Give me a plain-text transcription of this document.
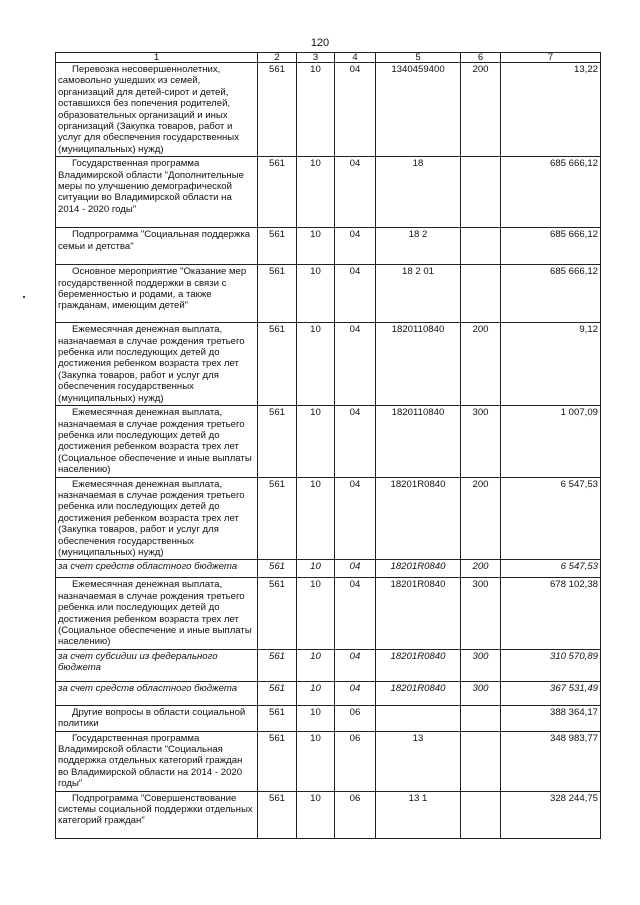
120
1	2	3	4	5	6	7
Перевозка несовершеннолетних, самовольно ушедших из семей, организаций для детей-сирот и детей, оставшихся без попечения родителей, образовательных организаций и иных организаций (Закупка товаров, работ и услуг для обеспечения государственных (муниципальных) нужд)	561	10	04	1340459400	200	13,22
Государственная программа Владимирской области "Дополнительные меры по улучшению демографической ситуации во Владимирской области на 2014 - 2020 годы"	561	10	04	18		685 666,12
Подпрограмма "Социальная поддержка семьи и детства"	561	10	04	18 2		685 666,12
Основное мероприятие "Оказание мер государственной поддержки в связи с беременностью и родами, а также гражданам, имеющим детей"	561	10	04	18 2 01		685 666,12
Ежемесячная денежная выплата, назначаемая в случае рождения третьего ребенка или последующих детей до достижения ребенком возраста трех лет (Закупка товаров, работ и услуг для обеспечения государственных (муниципальных) нужд)	561	10	04	1820110840	200	9,12
Ежемесячная денежная выплата, назначаемая в случае рождения третьего ребенка или последующих детей до достижения ребенком возраста трех лет (Социальное обеспечение и иные выплаты населению)	561	10	04	1820110840	300	1 007,09
Ежемесячная денежная выплата, назначаемая в случае рождения третьего ребенка или последующих детей до достижения ребенком возраста трех лет (Закупка товаров, работ и услуг для обеспечения государственных (муниципальных) нужд)	561	10	04	18201R0840	200	6 547,53
за счет средств областного бюджета	561	10	04	18201R0840	200	6 547,53
Ежемесячная денежная выплата, назначаемая в случае рождения третьего ребенка или последующих детей до достижения ребенком возраста трех лет (Социальное обеспечение и иные выплаты населению)	561	10	04	18201R0840	300	678 102,38
за счет субсидии из федерального бюджета	561	10	04	18201R0840	300	310 570,89
за счет средств областного бюджета	561	10	04	18201R0840	300	367 531,49
Другие вопросы в области социальной политики	561	10	06			388 364,17
Государственная программа Владимирской области "Социальная поддержка отдельных категорий граждан во Владимирской области на 2014 - 2020 годы"	561	10	06	13		348 983,77
Подпрограмма "Совершенствование системы социальной поддержки отдельных категорий граждан"	561	10	06	13 1		328 244,75
